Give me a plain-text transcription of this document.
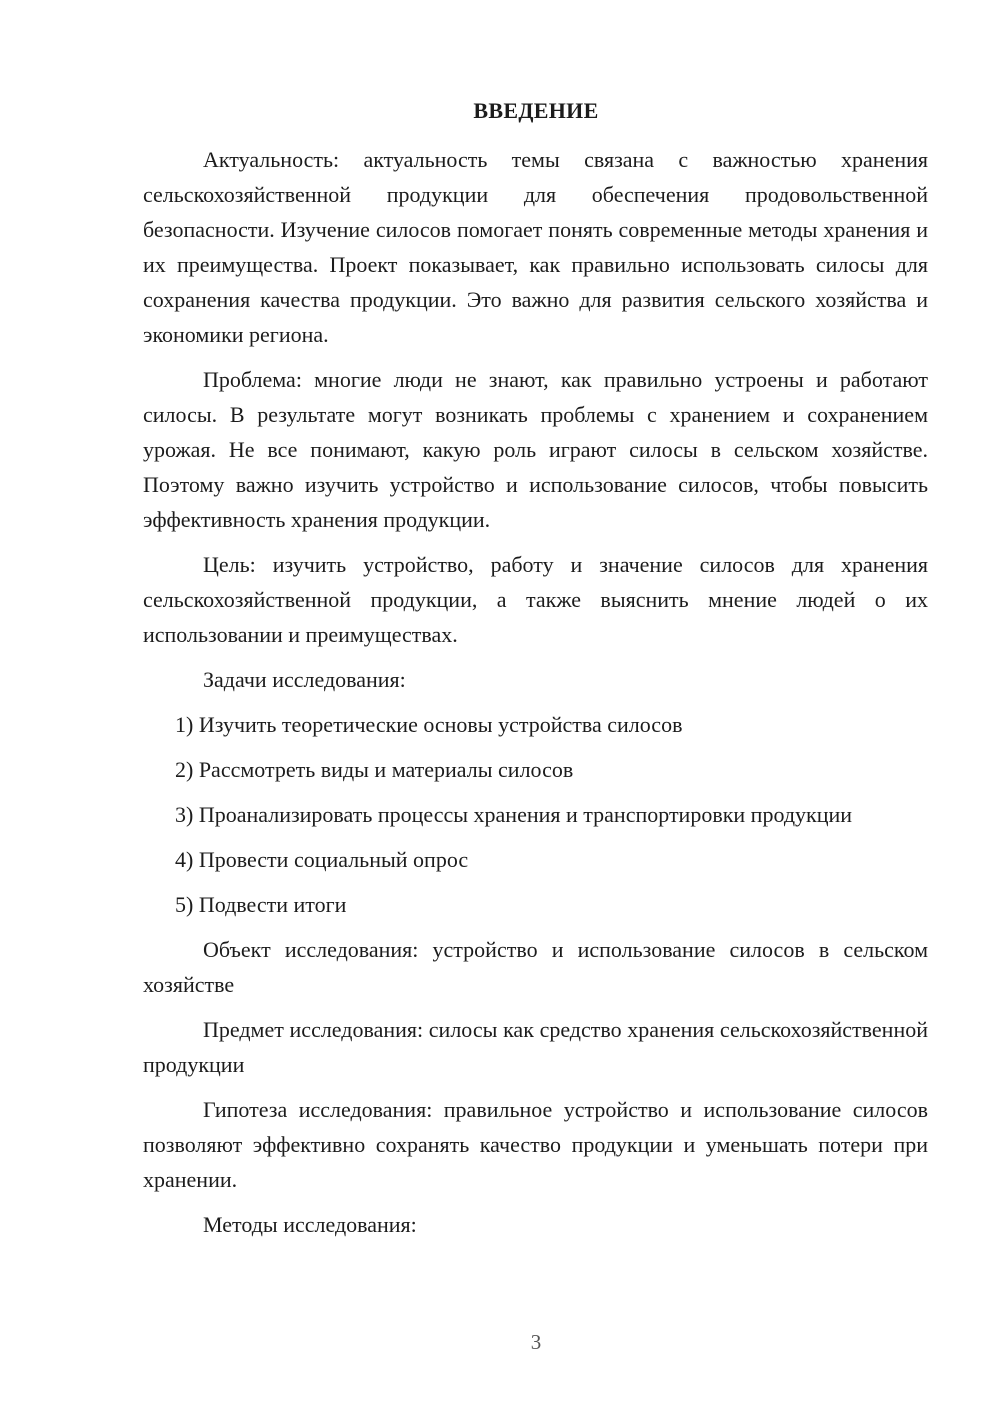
ВВЕДЕНИЕ

Актуальность: актуальность темы связана с важностью хранения сельскохозяйственной продукции для обеспечения продовольственной безопасности. Изучение силосов помогает понять современные методы хранения и их преимущества. Проект показывает, как правильно использовать силосы для сохранения качества продукции. Это важно для развития сельского хозяйства и экономики региона.

Проблема: многие люди не знают, как правильно устроены и работают силосы. В результате могут возникать проблемы с хранением и сохранением урожая. Не все понимают, какую роль играют силосы в сельском хозяйстве. Поэтому важно изучить устройство и использование силосов, чтобы повысить эффективность хранения продукции.

Цель: изучить устройство, работу и значение силосов для хранения сельскохозяйственной продукции, а также выяснить мнение людей о их использовании и преимуществах.

Задачи исследования:

1) Изучить теоретические основы устройства силосов

2) Рассмотреть виды и материалы силосов

3) Проанализировать процессы хранения и транспортировки продукции

4) Провести социальный опрос

5) Подвести итоги

Объект исследования: устройство и использование силосов в сельском хозяйстве

Предмет исследования: силосы как средство хранения сельскохозяйственной продукции

Гипотеза исследования: правильное устройство и использование силосов позволяют эффективно сохранять качество продукции и уменьшать потери при хранении.

Методы исследования:

3
